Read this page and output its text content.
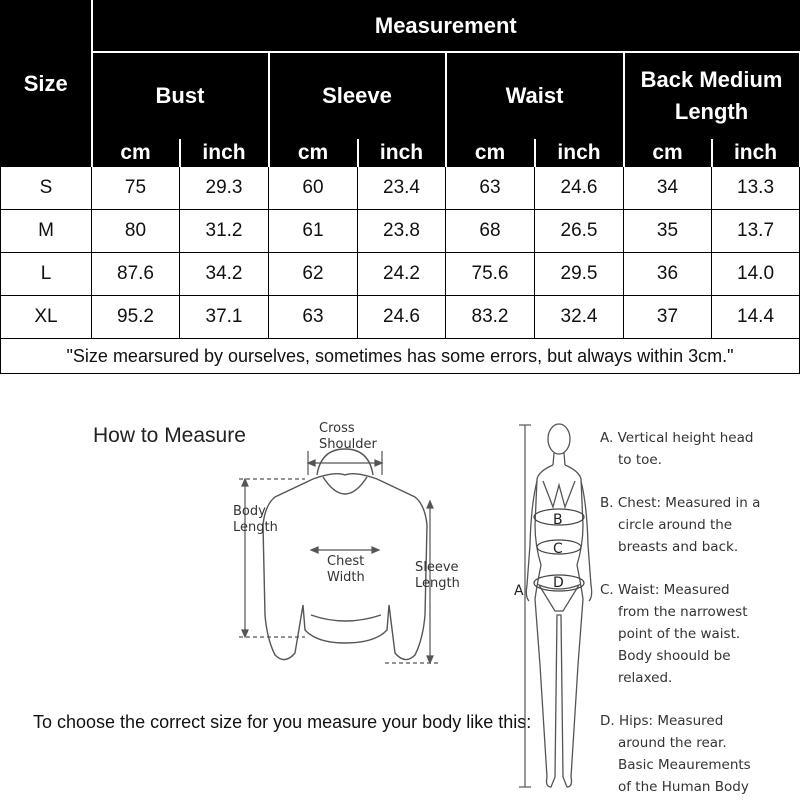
Size	Measurement							
	Bust		Sleeve		Waist		Back Medium Length	
	cm	inch	cm	inch	cm	inch	cm	inch
S	75	29.3	60	23.4	63	24.6	34	13.3
M	80	31.2	61	23.8	68	26.5	35	13.7
L	87.6	34.2	62	24.2	75.6	29.5	36	14.0
XL	95.2	37.1	63	24.6	83.2	32.4	37	14.4
"Size mearsured by ourselves, sometimes has some errors, but always within 3cm."								
How to Measure	Cross
Shoulder
Body
Length
Chest
Width
Sleeve
Length
To choose the correct size for you measure your body like this:
A
B
C
D
A. Vertical height head
to toe.
B. Chest: Measured in a
circle around the
breasts and back.
C. Waist: Measured
from the narrowest
point of the waist.
Body shoould be
relaxed.
D. Hips: Measured
around the rear.
Basic Meaurements
of the Human Body
